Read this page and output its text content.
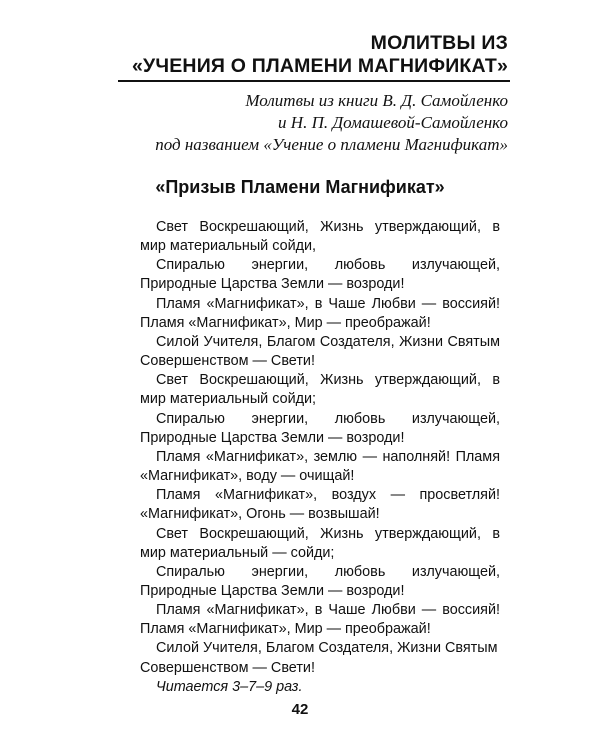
МОЛИТВЫ ИЗ
«УЧЕНИЯ О ПЛАМЕНИ МАГНИФИКАТ»
Молитвы из книги В. Д. Самойленко
и Н. П. Домашевой-Самойленко
под названием «Учение о пламени Магнификат»
«Призыв Пламени Магнификат»

Свет Воскрешающий, Жизнь утверждающий, в мир материальный сойди,

Спиралью энергии, любовь излучающей, Природные Царства Земли — возроди!

Пламя «Магнификат», в Чаше Любви — воссияй! Пламя «Магнификат», Мир — преображай!

Силой Учителя, Благом Создателя, Жизни Святым Совершенством — Свети!

Свет Воскрешающий, Жизнь утверждающий, в мир материальный сойди;

Спиралью энергии, любовь излучающей, Природные Царства Земли — возроди!

Пламя «Магнификат», землю — наполняй! Пламя «Магнификат», воду — очищай!

Пламя «Магнификат», воздух — просветляй! «Магнификат», Огонь — возвышай!

Свет Воскрешающий, Жизнь утверждающий, в мир материальный — сойди;

Спиралью энергии, любовь излучающей, Природные Царства Земли — возроди!

Пламя «Магнификат», в Чаше Любви — воссияй! Пламя «Магнификат», Мир — преображай!

Силой Учителя, Благом Создателя, Жизни Святым Совершенством — Свети!

Читается 3–7–9 раз.

42
